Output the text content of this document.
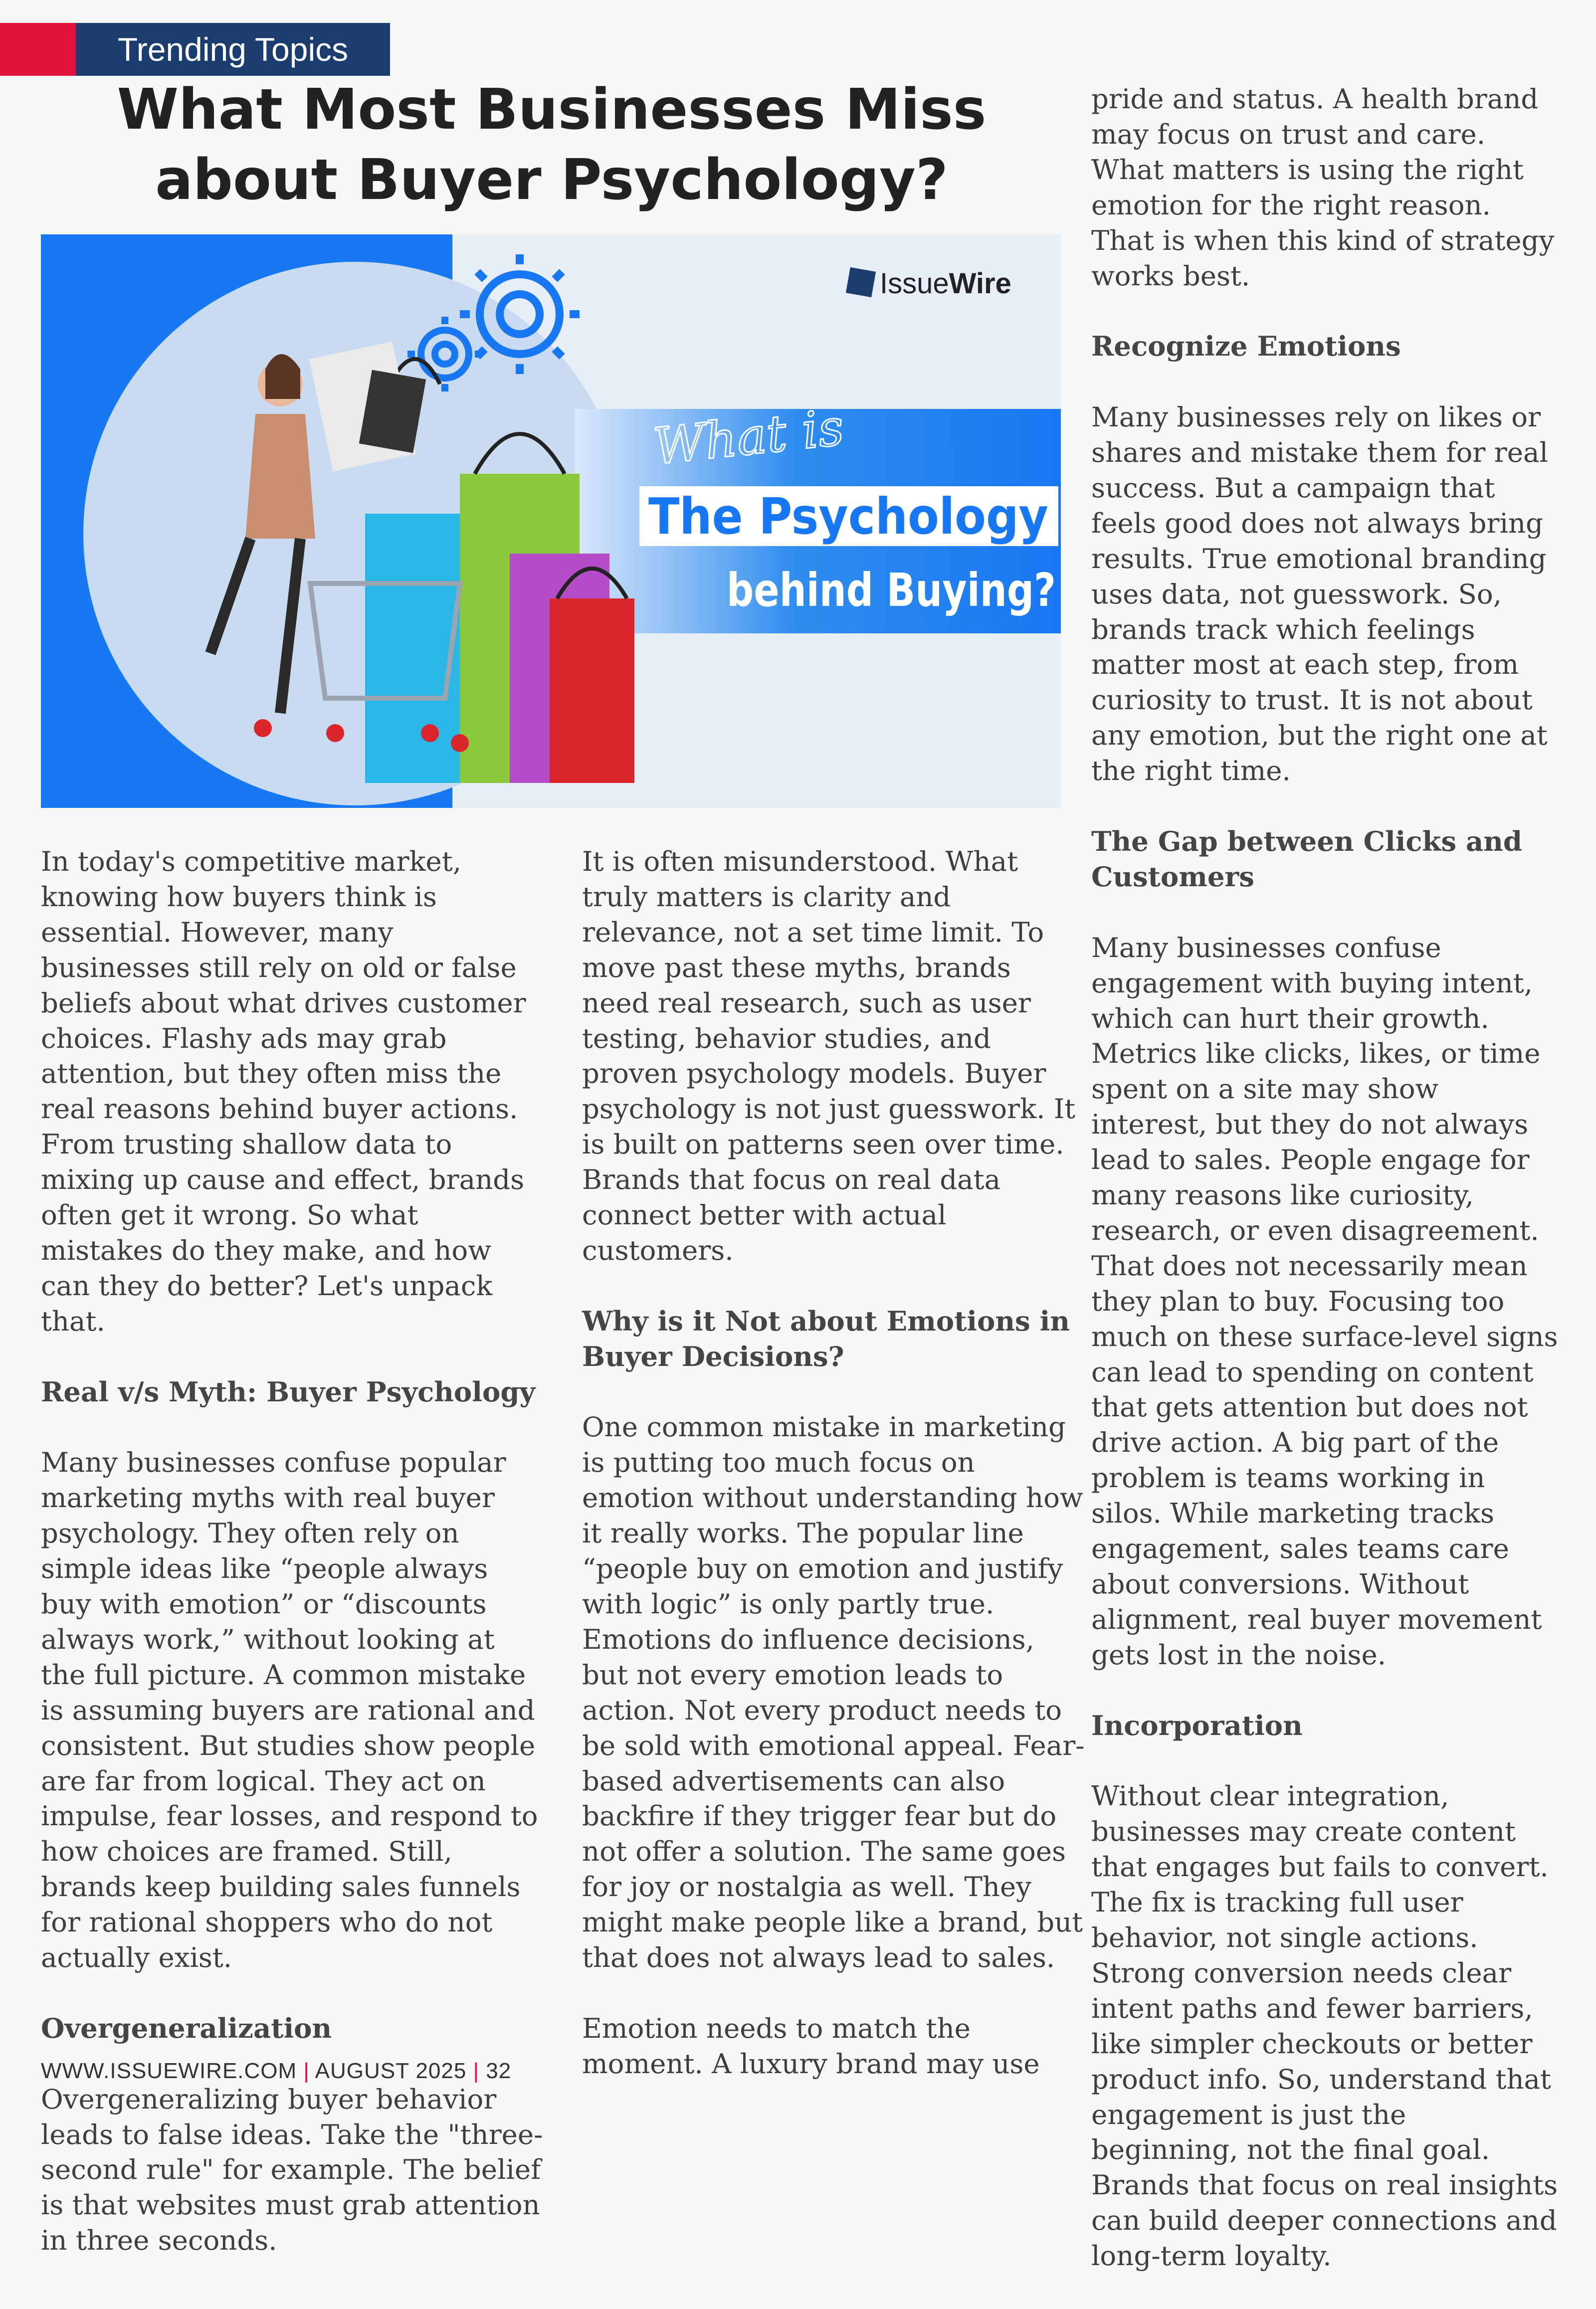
Trending Topics
What Most Businesses Miss about Buyer Psychology?
IssueWire
What is
The Psychology
behind Buying?

In today's competitive market, knowing how buyers think is essential. However, many businesses still rely on old or false beliefs about what drives customer choices. Flashy ads may grab attention, but they often miss the real reasons behind buyer actions. From trusting shallow data to mixing up cause and effect, brands often get it wrong. So what mistakes do they make, and how can they do better? Let's unpack that.

Real v/s Myth: Buyer Psychology

Many businesses confuse popular marketing myths with real buyer psychology. They often rely on simple ideas like “people always buy with emotion” or “discounts always work,” without looking at the full picture. A common mistake is assuming buyers are rational and consistent. But studies show people are far from logical. They act on impulse, fear losses, and respond to how choices are framed. Still, brands keep building sales funnels for rational shoppers who do not actually exist.

Overgeneralization

Overgeneralizing buyer behavior leads to false ideas. Take the "three-second rule" for example. The belief is that websites must grab attention in three seconds.

It is often misunderstood. What truly matters is clarity and relevance, not a set time limit. To move past these myths, brands need real research, such as user testing, behavior studies, and proven psychology models. Buyer psychology is not just guesswork. It is built on patterns seen over time. Brands that focus on real data connect better with actual customers.

Why is it Not about Emotions in Buyer Decisions?

One common mistake in marketing is putting too much focus on emotion without understanding how it really works. The popular line “people buy on emotion and justify with logic” is only partly true. Emotions do influence decisions, but not every emotion leads to action. Not every product needs to be sold with emotional appeal. Fear-based advertisements can also backfire if they trigger fear but do not offer a solution. The same goes for joy or nostalgia as well. They might make people like a brand, but that does not always lead to sales.

Emotion needs to match the moment. A luxury brand may use

pride and status. A health brand may focus on trust and care. What matters is using the right emotion for the right reason. That is when this kind of strategy works best.

Recognize Emotions

Many businesses rely on likes or shares and mistake them for real success. But a campaign that feels good does not always bring results. True emotional branding uses data, not guesswork. So, brands track which feelings matter most at each step, from curiosity to trust. It is not about any emotion, but the right one at the right time.

The Gap between Clicks and Customers

Many businesses confuse engagement with buying intent, which can hurt their growth. Metrics like clicks, likes, or time spent on a site may show interest, but they do not always lead to sales. People engage for many reasons like curiosity, research, or even disagreement. That does not necessarily mean they plan to buy. Focusing too much on these surface-level signs can lead to spending on content that gets attention but does not drive action. A big part of the problem is teams working in silos. While marketing tracks engagement, sales teams care about conversions. Without alignment, real buyer movement gets lost in the noise.

Incorporation

Without clear integration, businesses may create content that engages but fails to convert. The fix is tracking full user behavior, not single actions. Strong conversion needs clear intent paths and fewer barriers, like simpler checkouts or better product info. So, understand that engagement is just the beginning, not the final goal. Brands that focus on real insights can build deeper connections and long-term loyalty.

WWW.ISSUEWIRE.COM | AUGUST 2025 | 32
